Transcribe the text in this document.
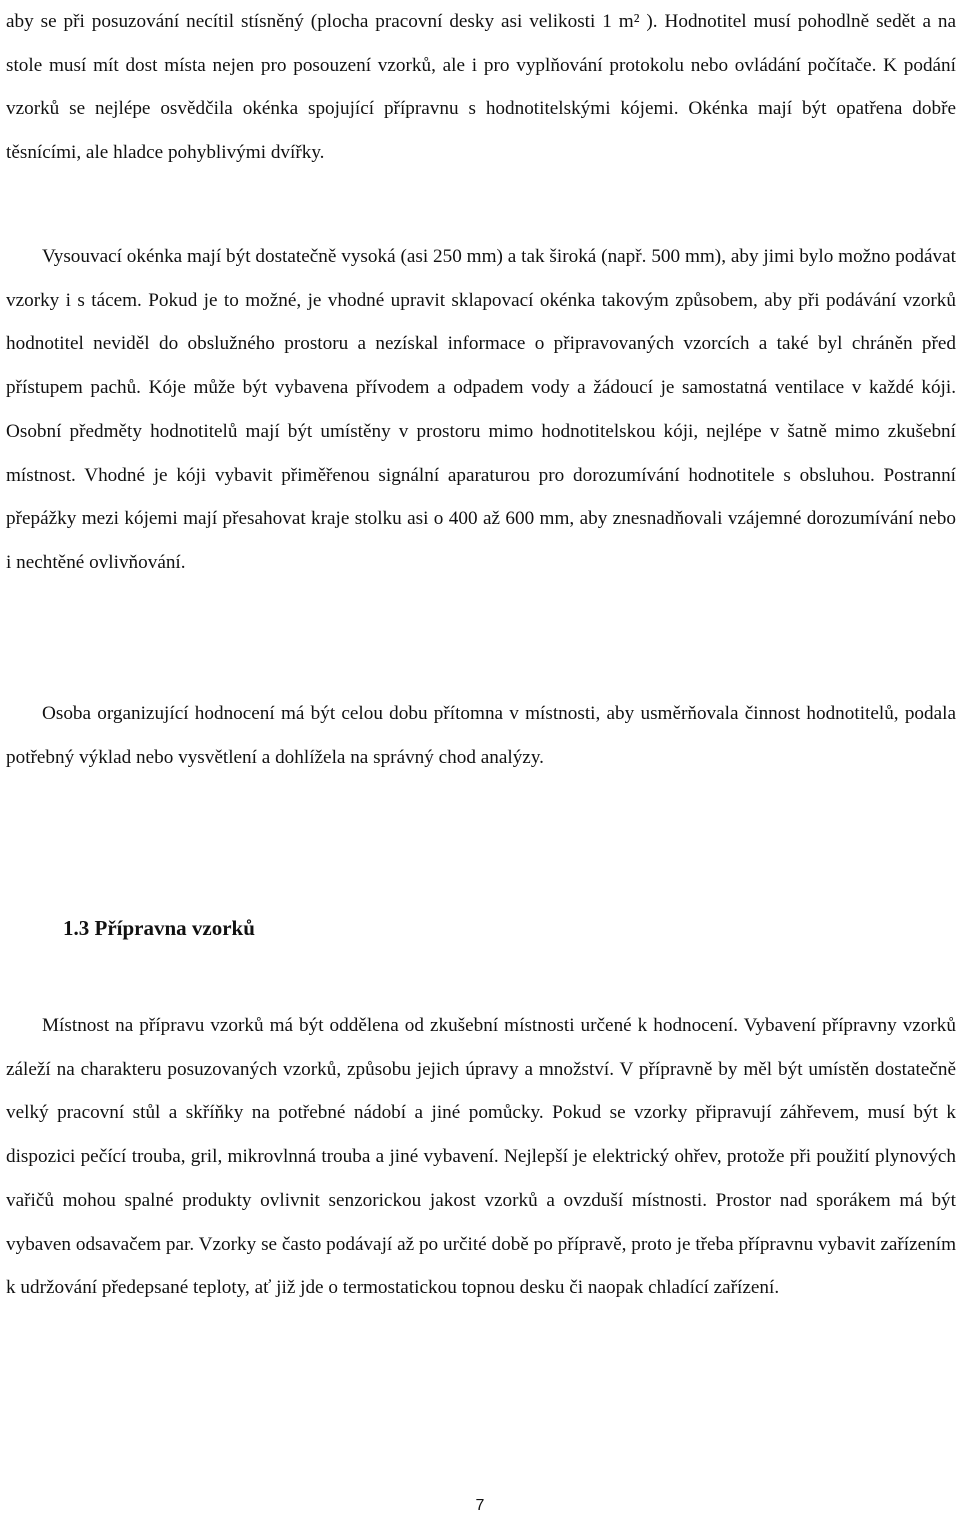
aby se při posuzování necítil stísněný (plocha pracovní desky asi velikosti 1 m² ). Hodnotitel musí pohodlně sedět a na stole musí mít dost místa nejen pro posouzení vzorků, ale i pro vyplňování protokolu nebo ovládání počítače. K podání vzorků se nejlépe osvědčila okénka spojující přípravnu s hodnotitelskými kójemi. Okénka mají být opatřena dobře těsnícími, ale hladce pohyblivými dvířky.

Vysouvací okénka mají být dostatečně vysoká (asi 250 mm) a tak široká (např. 500 mm), aby jimi bylo možno podávat vzorky i s tácem. Pokud je to možné, je vhodné upravit sklapovací okénka takovým způsobem, aby při podávání vzorků hodnotitel neviděl do obslužného prostoru a nezískal informace o připravovaných vzorcích a také byl chráněn před přístupem pachů. Kóje může být vybavena přívodem a odpadem vody a žádoucí je samostatná ventilace v každé kóji. Osobní předměty hodnotitelů mají být umístěny v prostoru mimo hodnotitelskou kóji, nejlépe v šatně mimo zkušební místnost. Vhodné je kóji vybavit přiměřenou signální aparaturou pro dorozumívání hodnotitele s obsluhou. Postranní přepážky mezi kójemi mají přesahovat kraje stolku asi o 400 až 600 mm, aby znesnadňovali vzájemné dorozumívání nebo i nechtěné ovlivňování.

Osoba organizující hodnocení má být celou dobu přítomna v místnosti, aby usměrňovala činnost hodnotitelů, podala potřebný výklad nebo vysvětlení a dohlížela na správný chod analýzy.

1.3 Přípravna vzorků

Místnost na přípravu vzorků má být oddělena od zkušební místnosti určené k hodnocení. Vybavení přípravny vzorků záleží na charakteru posuzovaných vzorků, způsobu jejich úpravy a množství. V přípravně by měl být umístěn dostatečně velký pracovní stůl a skříňky na potřebné nádobí a jiné pomůcky. Pokud se vzorky připravují záhřevem, musí být k dispozici pečící trouba, gril, mikrovlnná trouba a jiné vybavení. Nejlepší je elektrický ohřev, protože při použití plynových vařičů mohou spalné produkty ovlivnit senzorickou jakost vzorků a ovzduší místnosti. Prostor nad sporákem má být vybaven odsavačem par. Vzorky se často podávají až po určité době po přípravě, proto je třeba přípravnu vybavit zařízením k udržování předepsané teploty, ať již jde o termostatickou topnou desku či naopak chladící zařízení.

7
